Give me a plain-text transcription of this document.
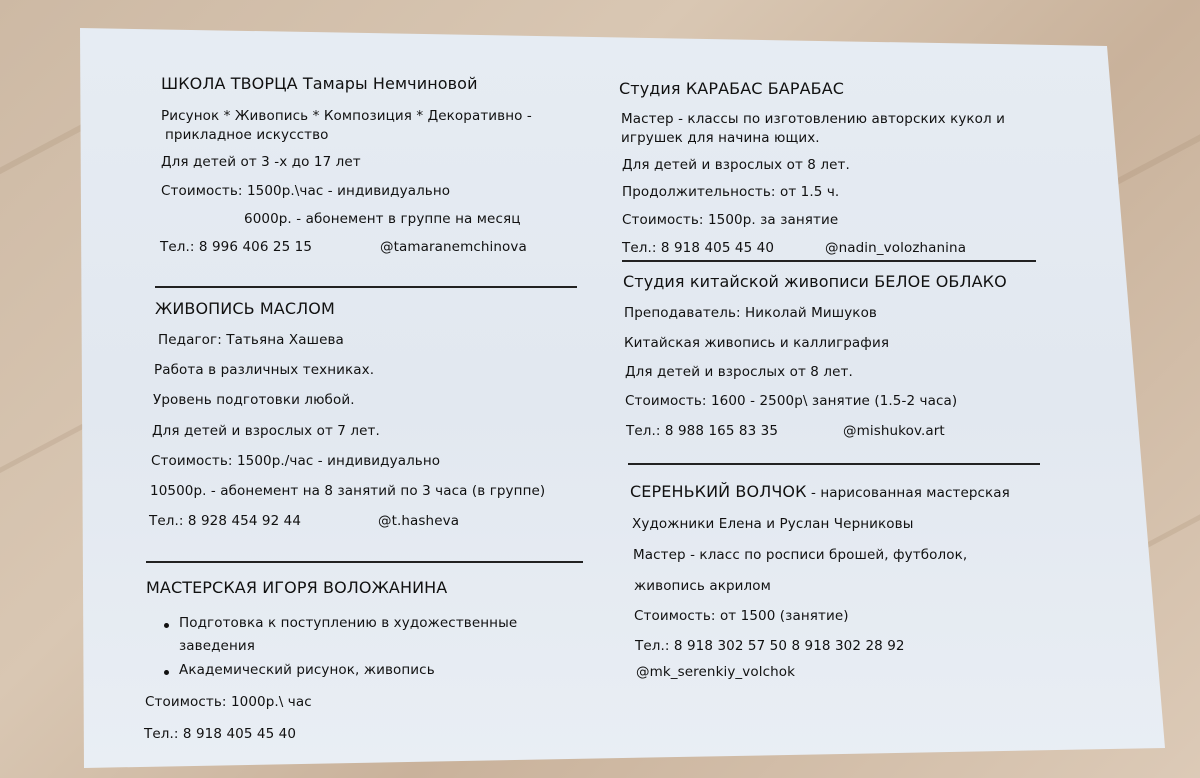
ШКОЛА ТВОРЦА Тамары Немчиновой
Рисунок * Живопись * Композиция * Декоративно -
прикладное искусство
Для детей от 3 -х до 17 лет
Стоимость: 1500р.\час - индивидуально
6000р. - абонемент в группе на месяц
Тел.: 8 996 406 25 15	@tamaranemchinova
ЖИВОПИСЬ МАСЛОМ
Педагог: Татьяна Хашева
Работа в различных техниках.
Уровень подготовки любой.
Для детей и взрослых от 7 лет.
Стоимость: 1500р./час - индивидуально
10500р. - абонемент на 8 занятий по 3 часа (в группе)
Тел.: 8 928 454 92 44	@t.hasheva
МАСТЕРСКАЯ ИГОРЯ ВОЛОЖАНИНА
Подготовка к поступлению в художественные
заведения
Академический рисунок, живопись
Стоимость: 1000р.\ час
Тел.: 8 918 405 45 40
Студия КАРАБАС БАРАБАС
Мастер - классы по изготовлению авторских кукол и
игрушек для начина ющих.
Для детей и взрослых от 8 лет.
Продолжительность: от 1.5 ч.
Стоимость: 1500р. за занятие
Тел.: 8 918 405 45 40	@nadin_volozhanina
Студия китайской живописи БЕЛОЕ ОБЛАКО
Преподаватель: Николай Мишуков
Китайская живопись и каллиграфия
Для детей и взрослых от 8 лет.
Стоимость: 1600 - 2500р\ занятие (1.5-2 часа)
Тел.: 8 988 165 83 35	@mishukov.art
СЕРЕНЬКИЙ ВОЛЧОК - нарисованная мастерская
Художники Елена и Руслан Черниковы
Мастер - класс по росписи брошей, футболок,
живопись акрилом
Стоимость: от 1500 (занятие)
Тел.: 8 918 302 57 50 8 918 302 28 92
@mk_serenkiy_volchok
